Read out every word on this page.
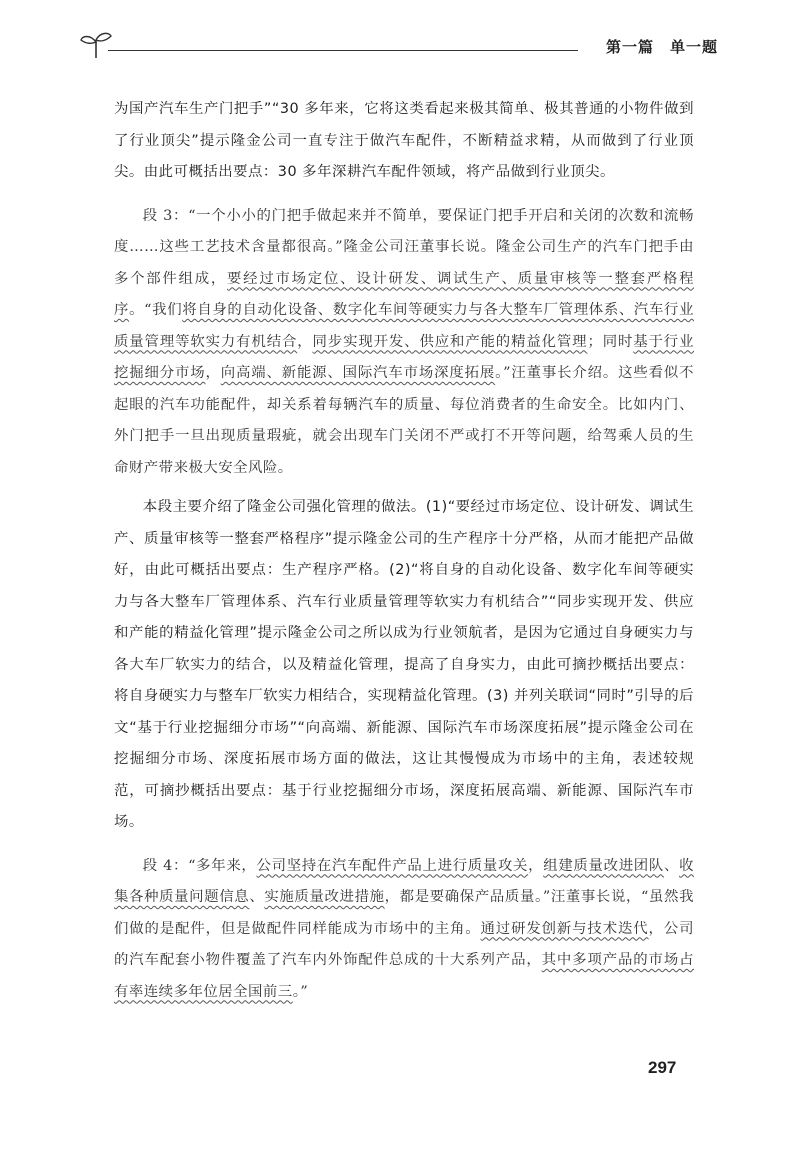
第一篇　单一题

为国产汽车生产门把手”“30 多年来，它将这类看起来极其简单、极其普通的小物件做到了行业顶尖”提示隆金公司一直专注于做汽车配件，不断精益求精，从而做到了行业顶尖。由此可概括出要点：30 多年深耕汽车配件领域，将产品做到行业顶尖。

段 3：“一个小小的门把手做起来并不简单，要保证门把手开启和关闭的次数和流畅度……这些工艺技术含量都很高。”隆金公司汪董事长说。隆金公司生产的汽车门把手由多个部件组成，要经过市场定位、设计研发、调试生产、质量审核等一整套严格程序。“我们将自身的自动化设备、数字化车间等硬实力与各大整车厂管理体系、汽车行业质量管理等软实力有机结合，同步实现开发、供应和产能的精益化管理；同时基于行业挖掘细分市场，向高端、新能源、国际汽车市场深度拓展。”汪董事长介绍。这些看似不起眼的汽车功能配件，却关系着每辆汽车的质量、每位消费者的生命安全。比如内门、外门把手一旦出现质量瑕疵，就会出现车门关闭不严或打不开等问题，给驾乘人员的生命财产带来极大安全风险。

本段主要介绍了隆金公司强化管理的做法。(1)“要经过市场定位、设计研发、调试生产、质量审核等一整套严格程序”提示隆金公司的生产程序十分严格，从而才能把产品做好，由此可概括出要点：生产程序严格。(2)“将自身的自动化设备、数字化车间等硬实力与各大整车厂管理体系、汽车行业质量管理等软实力有机结合”“同步实现开发、供应和产能的精益化管理”提示隆金公司之所以成为行业领航者，是因为它通过自身硬实力与各大车厂软实力的结合，以及精益化管理，提高了自身实力，由此可摘抄概括出要点：将自身硬实力与整车厂软实力相结合，实现精益化管理。(3) 并列关联词“同时”引导的后文“基于行业挖掘细分市场”“向高端、新能源、国际汽车市场深度拓展”提示隆金公司在挖掘细分市场、深度拓展市场方面的做法，这让其慢慢成为市场中的主角，表述较规范，可摘抄概括出要点：基于行业挖掘细分市场，深度拓展高端、新能源、国际汽车市场。

段 4：“多年来，公司坚持在汽车配件产品上进行质量攻关，组建质量改进团队、收集各种质量问题信息、实施质量改进措施，都是要确保产品质量。”汪董事长说，“虽然我们做的是配件，但是做配件同样能成为市场中的主角。通过研发创新与技术迭代，公司的汽车配套小物件覆盖了汽车内外饰配件总成的十大系列产品，其中多项产品的市场占有率连续多年位居全国前三。”

297
